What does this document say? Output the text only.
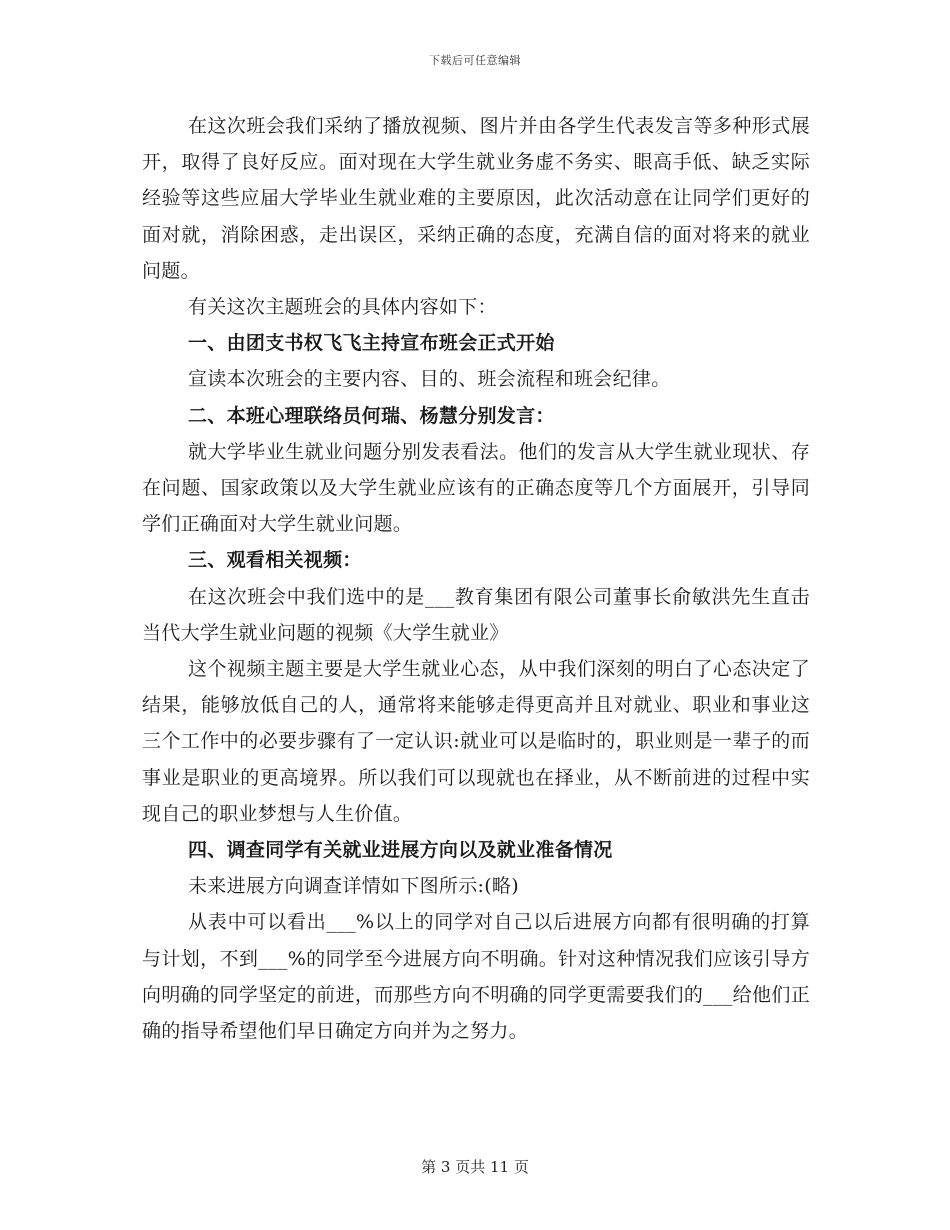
下载后可任意编辑

在这次班会我们采纳了播放视频、图片并由各学生代表发言等多种形式展开，取得了良好反应。面对现在大学生就业务虚不务实、眼高手低、缺乏实际经验等这些应届大学毕业生就业难的主要原因，此次活动意在让同学们更好的面对就，消除困惑，走出误区，采纳正确的态度，充满自信的面对将来的就业问题。

有关这次主题班会的具体内容如下：

一、由团支书权飞飞主持宣布班会正式开始

宣读本次班会的主要内容、目的、班会流程和班会纪律。

二、本班心理联络员何瑞、杨慧分别发言：

就大学毕业生就业问题分别发表看法。他们的发言从大学生就业现状、存在问题、国家政策以及大学生就业应该有的正确态度等几个方面展开，引导同学们正确面对大学生就业问题。

三、观看相关视频：

在这次班会中我们选中的是___教育集团有限公司董事长俞敏洪先生直击当代大学生就业问题的视频《大学生就业》

这个视频主题主要是大学生就业心态，从中我们深刻的明白了心态决定了结果，能够放低自己的人，通常将来能够走得更高并且对就业、职业和事业这三个工作中的必要步骤有了一定认识:就业可以是临时的，职业则是一辈子的而事业是职业的更高境界。所以我们可以现就也在择业，从不断前进的过程中实现自己的职业梦想与人生价值。

四、调查同学有关就业进展方向以及就业准备情况

未来进展方向调查详情如下图所示:(略)

从表中可以看出___%以上的同学对自己以后进展方向都有很明确的打算与计划，不到___%的同学至今进展方向不明确。针对这种情况我们应该引导方向明确的同学坚定的前进，而那些方向不明确的同学更需要我们的___给他们正确的指导希望他们早日确定方向并为之努力。

第 3 页共 11 页
